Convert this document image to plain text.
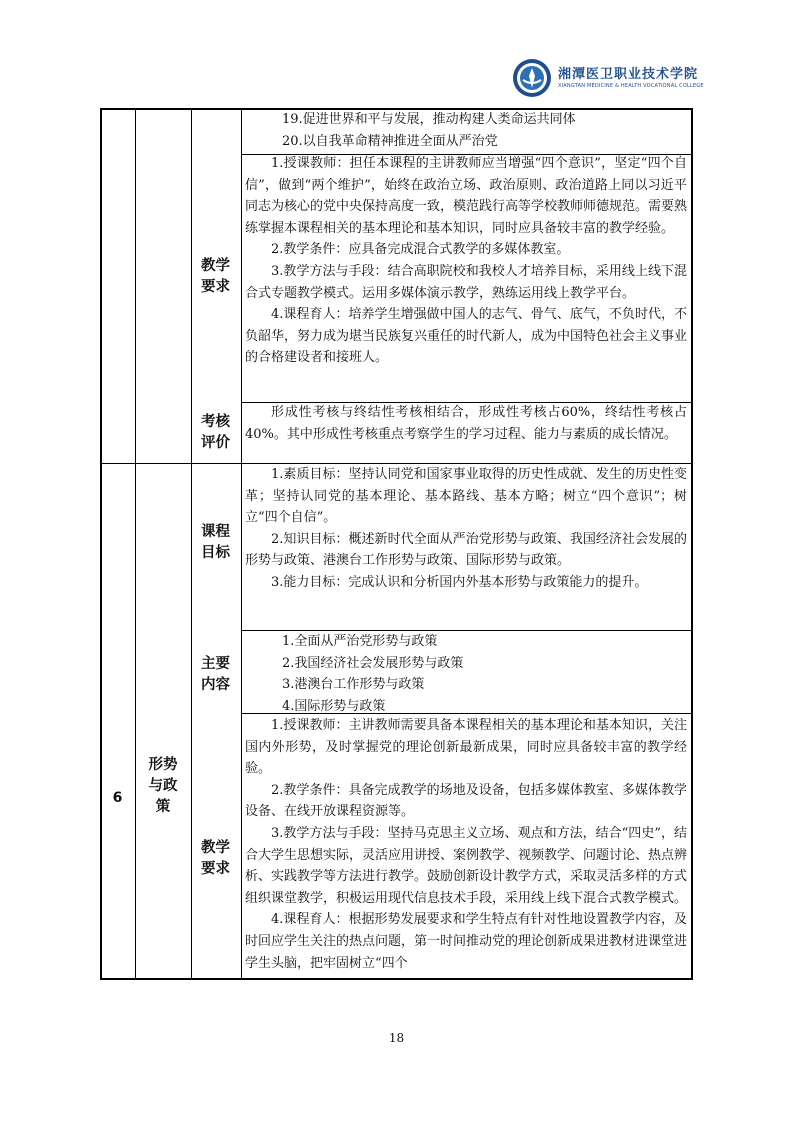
湘潭医卫职业技术学院
XIANGTAN MEDICINE & HEALTH VOCATIONAL COLLEGE

19.促进世界和平与发展，推动构建人类命运共同体

20.以自我革命精神推进全面从严治党

教学要求

1.授课教师：担任本课程的主讲教师应当增强“四个意识”，坚定“四个自信”，做到“两个维护”，始终在政治立场、政治原则、政治道路上同以习近平同志为核心的党中央保持高度一致，模范践行高等学校教师师德规范。需要熟练掌握本课程相关的基本理论和基本知识，同时应具备较丰富的教学经验。

2.教学条件：应具备完成混合式教学的多媒体教室。

3.教学方法与手段：结合高职院校和我校人才培养目标，采用线上线下混合式专题教学模式。运用多媒体演示教学，熟练运用线上教学平台。

4.课程育人：培养学生增强做中国人的志气、骨气、底气，不负时代，不负韶华，努力成为堪当民族复兴重任的时代新人，成为中国特色社会主义事业的合格建设者和接班人。

考核评价

形成性考核与终结性考核相结合，形成性考核占60%，终结性考核占40%。其中形成性考核重点考察学生的学习过程、能力与素质的成长情况。

6
形势与政策
课程目标

1.素质目标：坚持认同党和国家事业取得的历史性成就、发生的历史性变革；坚持认同党的基本理论、基本路线、基本方略；树立“四个意识”；树立“四个自信”。

2.知识目标：概述新时代全面从严治党形势与政策、我国经济社会发展的形势与政策、港澳台工作形势与政策、国际形势与政策。

3.能力目标：完成认识和分析国内外基本形势与政策能力的提升。

主要内容

1.全面从严治党形势与政策

2.我国经济社会发展形势与政策

3.港澳台工作形势与政策

4.国际形势与政策

教学要求

1.授课教师：主讲教师需要具备本课程相关的基本理论和基本知识，关注国内外形势，及时掌握党的理论创新最新成果，同时应具备较丰富的教学经验。

2.教学条件：具备完成教学的场地及设备，包括多媒体教室、多媒体教学设备、在线开放课程资源等。

3.教学方法与手段：坚持马克思主义立场、观点和方法，结合“四史”，结合大学生思想实际，灵活应用讲授、案例教学、视频教学、问题讨论、热点辨析、实践教学等方法进行教学。鼓励创新设计教学方式，采取灵活多样的方式组织课堂教学，积极运用现代信息技术手段，采用线上线下混合式教学模式。

4.课程育人：根据形势发展要求和学生特点有针对性地设置教学内容，及时回应学生关注的热点问题，第一时间推动党的理论创新成果进教材进课堂进学生头脑，把牢固树立“四个

18
